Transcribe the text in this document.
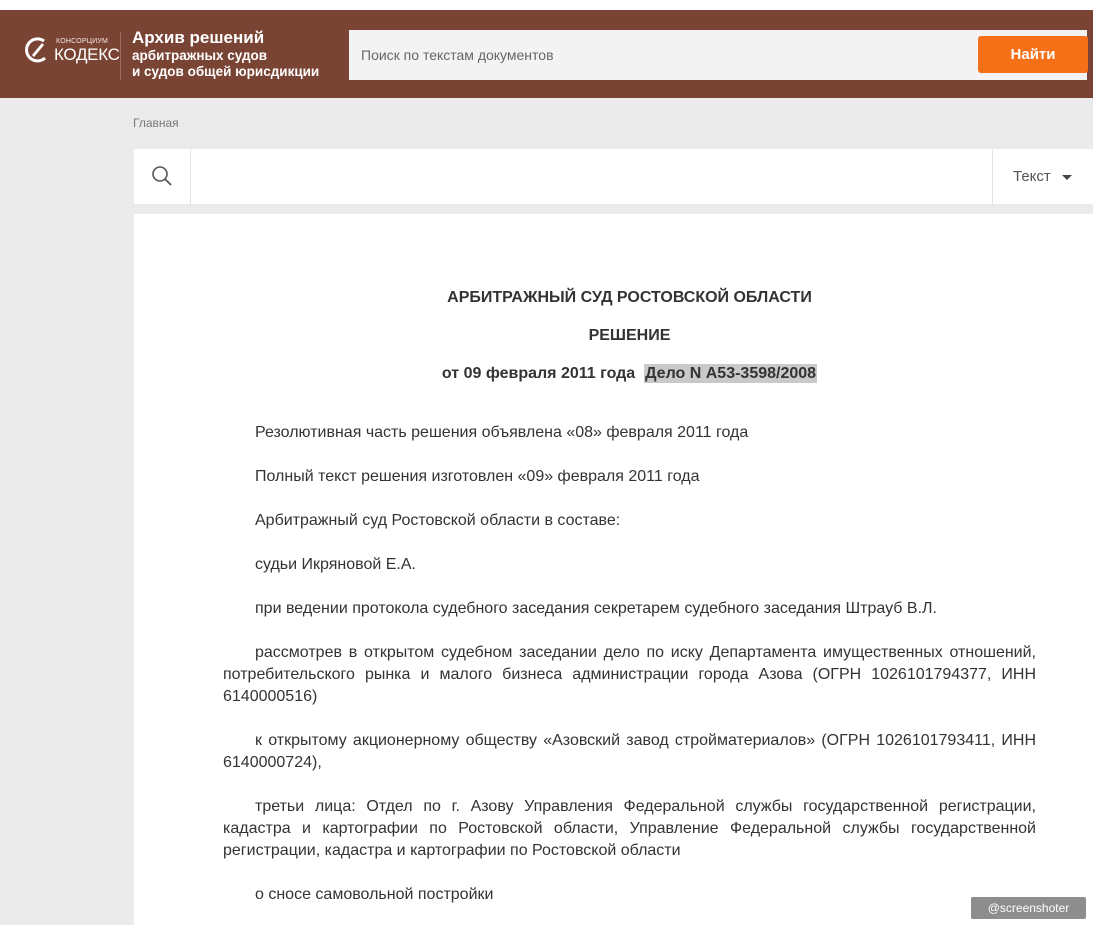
КОНСОРЦИУМ
КОДЕКС
Архив решений
арбитражных судов
и судов общей юрисдикции
Поиск по текстам документов
Найти
Главная
Текст
АРБИТРАЖНЫЙ СУД РОСТОВСКОЙ ОБЛАСТИ
РЕШЕНИЕ
от 09 февраля 2011 года Дело N А53-3598/2008
Резолютивная часть решения объявлена «08» февраля 2011 года
Полный текст решения изготовлен «09» февраля 2011 года
Арбитражный суд Ростовской области в составе:
судьи Икряновой Е.А.
при ведении протокола судебного заседания секретарем судебного заседания Штрауб В.Л.
рассмотрев в открытом судебном заседании дело по иску Департамента имущественных отношений, потребительского рынка и малого бизнеса администрации города Азова (ОГРН 1026101794377, ИНН 6140000516)
к открытому акционерному обществу «Азовский завод стройматериалов» (ОГРН 1026101793411, ИНН 6140000724),
третьи лица: Отдел по г. Азову Управления Федеральной службы государственной регистрации, кадастра и картографии по Ростовской области, Управление Федеральной службы государственной регистрации, кадастра и картографии по Ростовской области
о сносе самовольной постройки
@screenshoter
